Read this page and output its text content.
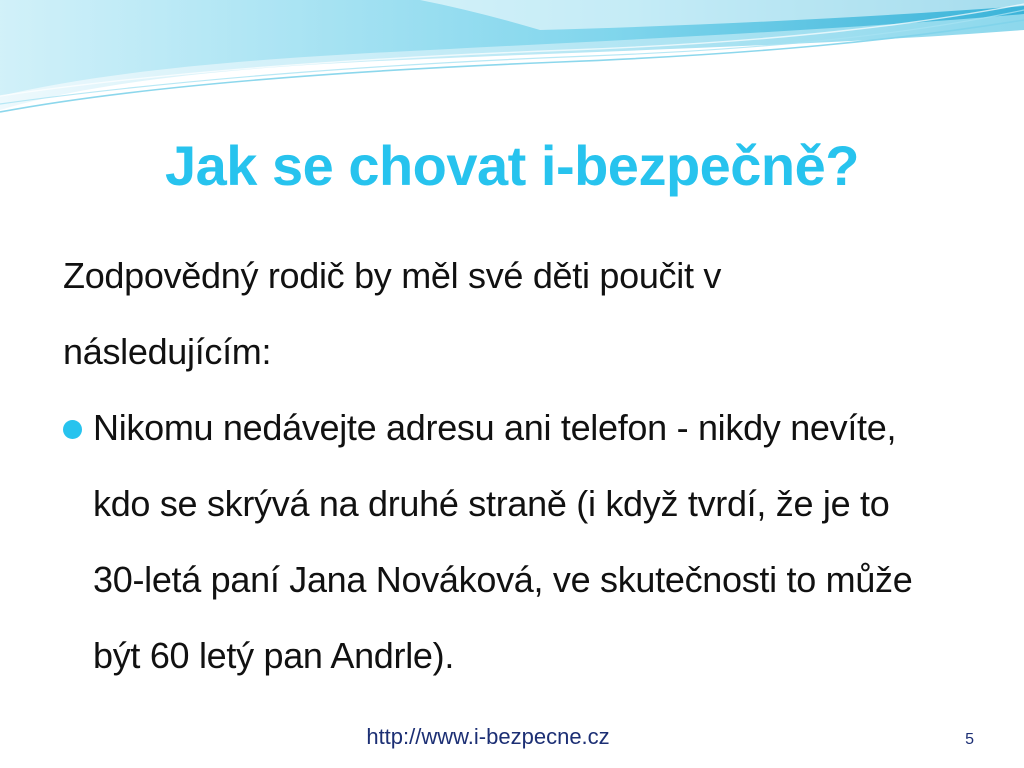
Jak se chovat i-bezpečně?

Zodpovědný rodič by měl své děti poučit v následujícím:

Nikomu nedávejte adresu ani telefon - nikdy nevíte, kdo se skrývá na druhé straně (i když tvrdí, že je to 30-letá paní Jana Nováková, ve skutečnosti to může být 60 letý pan Andrle).
http://www.i-bezpecne.cz	5
